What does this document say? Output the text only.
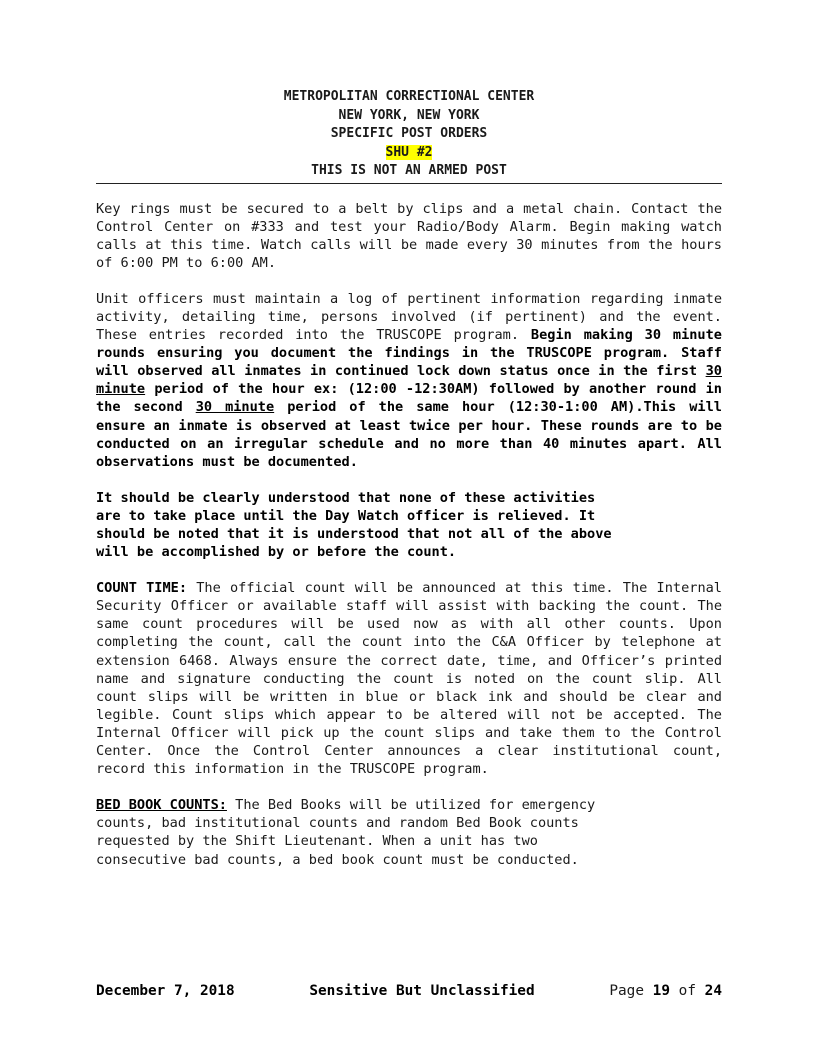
METROPOLITAN CORRECTIONAL CENTER
NEW YORK, NEW YORK
SPECIFIC POST ORDERS
SHU #2
THIS IS NOT AN ARMED POST

Key rings must be secured to a belt by clips and a metal chain. Contact the Control Center on #333 and test your Radio/Body Alarm. Begin making watch calls at this time. Watch calls will be made every 30 minutes from the hours of 6:00 PM to 6:00 AM.

Unit officers must maintain a log of pertinent information regarding inmate activity, detailing time, persons involved (if pertinent) and the event. These entries recorded into the TRUSCOPE program. Begin making 30 minute rounds ensuring you document the findings in the TRUSCOPE program. Staff will observed all inmates in continued lock down status once in the first 30 minute period of the hour ex: (12:00 -12:30AM) followed by another round in the second 30 minute period of the same hour (12:30-1:00 AM).This will ensure an inmate is observed at least twice per hour. These rounds are to be conducted on an irregular schedule and no more than 40 minutes apart. All observations must be documented.

It should be clearly understood that none of these activities
are to take place until the Day Watch officer is relieved. It
should be noted that it is understood that not all of the above
will be accomplished by or before the count.

COUNT TIME: The official count will be announced at this time. The Internal Security Officer or available staff will assist with backing the count. The same count procedures will be used now as with all other counts. Upon completing the count, call the count into the C&A Officer by telephone at extension 6468. Always ensure the correct date, time, and Officer’s printed name and signature conducting the count is noted on the count slip. All count slips will be written in blue or black ink and should be clear and legible. Count slips which appear to be altered will not be accepted. The Internal Officer will pick up the count slips and take them to the Control Center. Once the Control Center announces a clear institutional count, record this information in the TRUSCOPE program.

BED BOOK COUNTS: The Bed Books will be utilized for emergency
counts, bad institutional counts and random Bed Book counts
requested by the Shift Lieutenant. When a unit has two
consecutive bad counts, a bed book count must be conducted.

December 7, 2018	Sensitive But Unclassified	Page 19 of 24
